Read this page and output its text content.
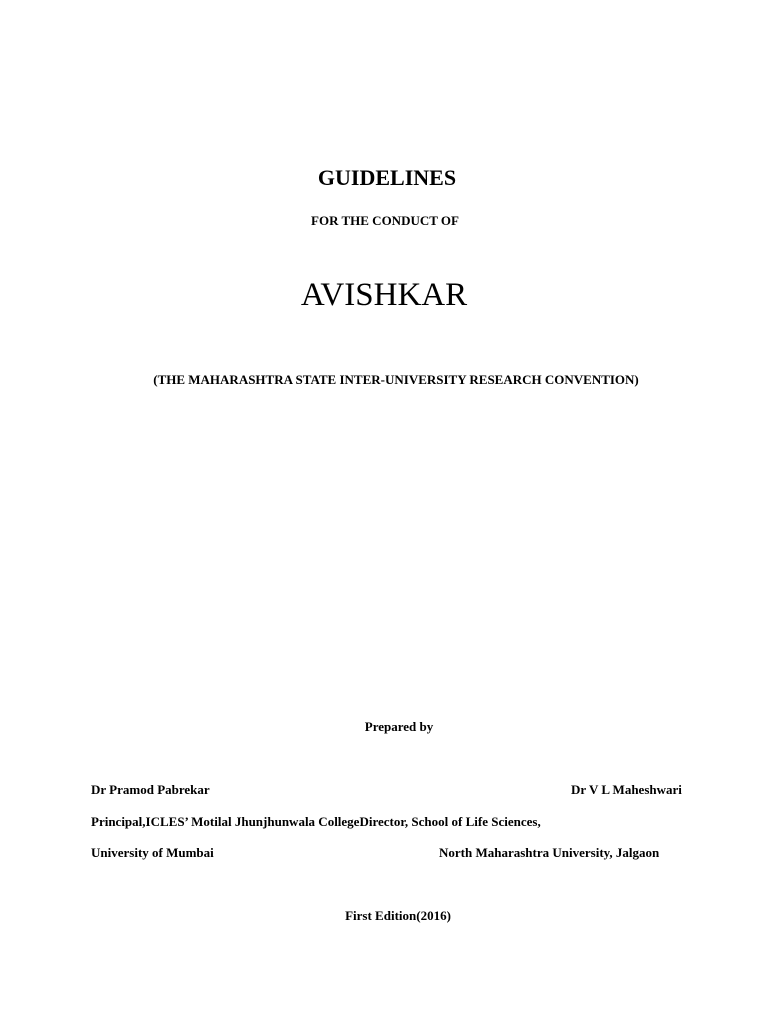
GUIDELINES
FOR THE CONDUCT OF
AVISHKAR
(THE MAHARASHTRA STATE INTER-UNIVERSITY RESEARCH CONVENTION)
Prepared by
Dr Pramod Pabrekar	Dr V L Maheshwari
Principal,ICLES’ Motilal Jhunjhunwala CollegeDirector, School of Life Sciences,
University of Mumbai	North Maharashtra University, Jalgaon
First Edition(2016)
